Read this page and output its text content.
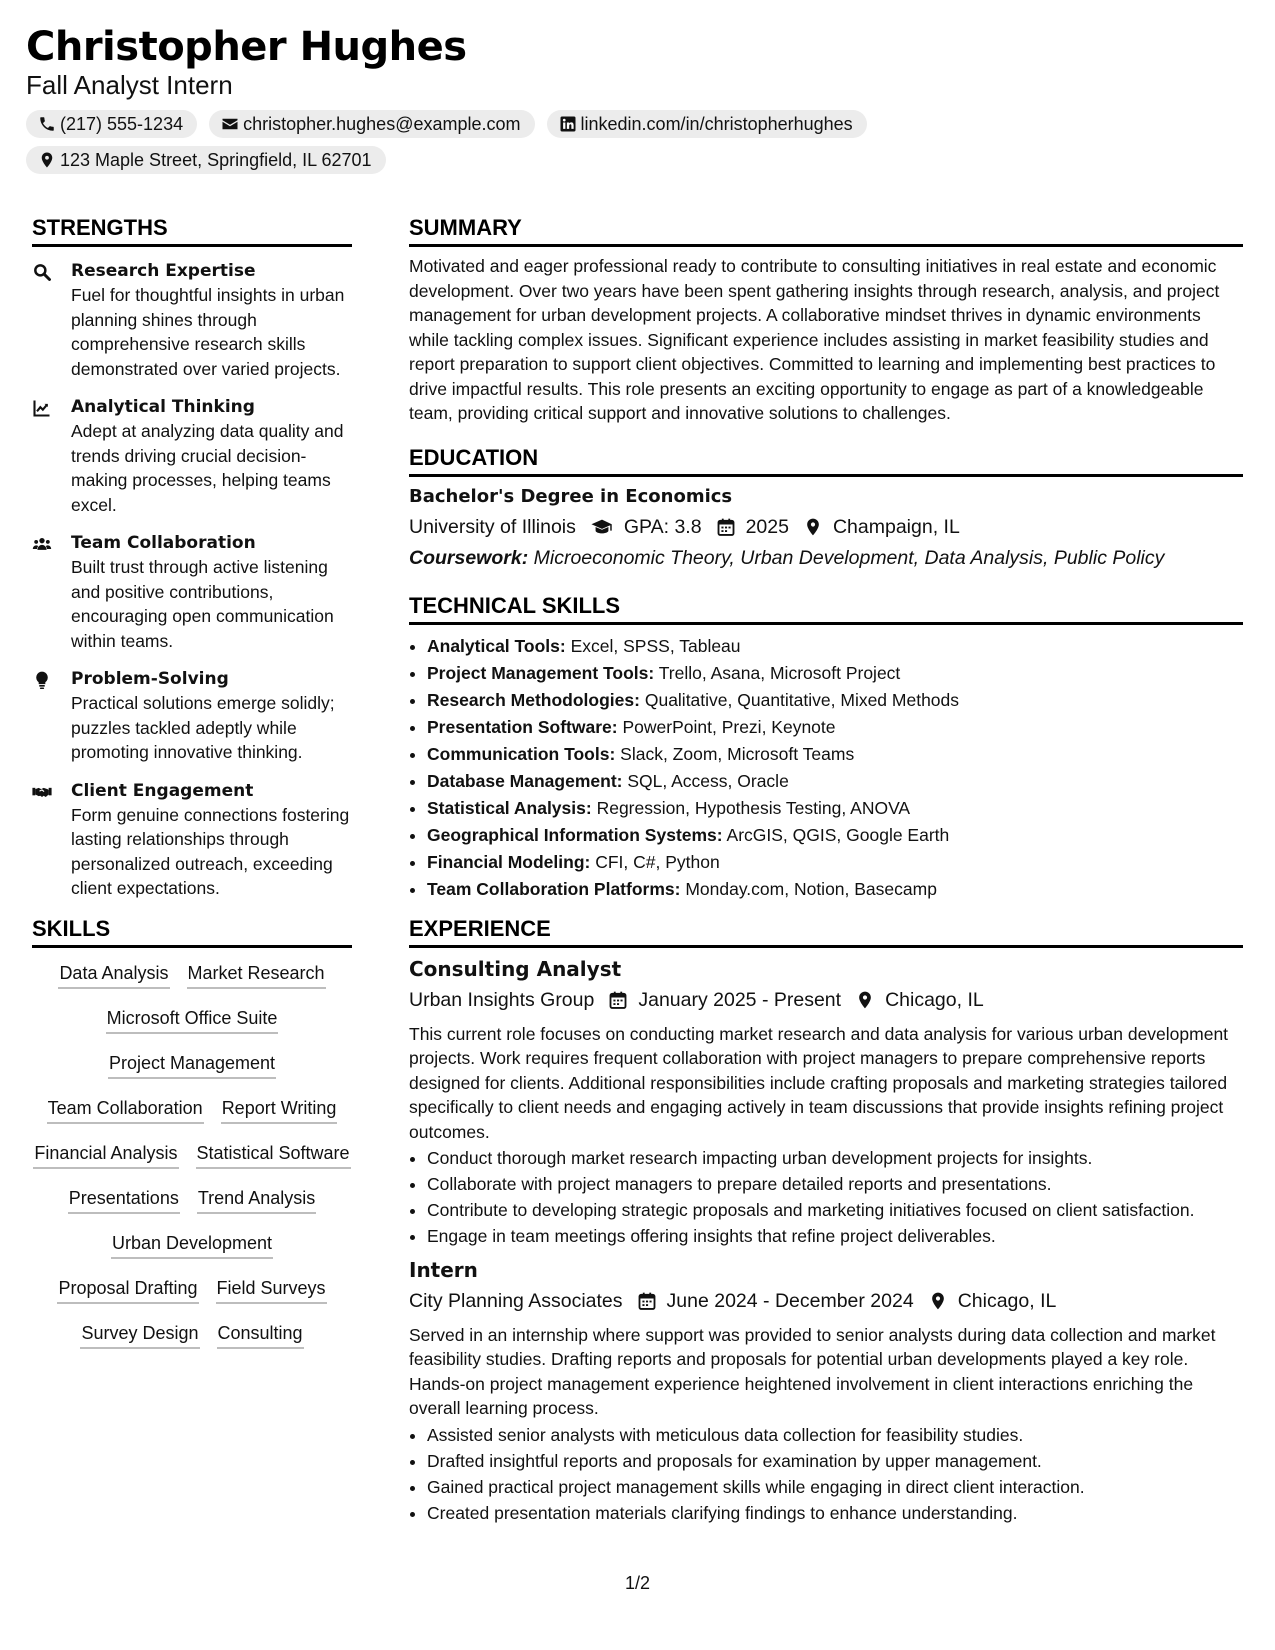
Christopher Hughes
Fall Analyst Intern
(217) 555-1234	christopher.hughes@example.com	linkedin.com/in/christopherhughes
123 Maple Street, Springfield, IL 62701
STRENGTHS
Research Expertise
Fuel for thoughtful insights in urban planning shines through comprehensive research skills demonstrated over varied projects.
Analytical Thinking
Adept at analyzing data quality and trends driving crucial decision-making processes, helping teams excel.
Team Collaboration
Built trust through active listening and positive contributions, encouraging open communication within teams.
Problem-Solving
Practical solutions emerge solidly; puzzles tackled adeptly while promoting innovative thinking.
Client Engagement
Form genuine connections fostering lasting relationships through personalized outreach, exceeding client expectations.
SKILLS
Data Analysis Market Research
Microsoft Office Suite
Project Management
Team Collaboration Report Writing
Financial Analysis Statistical Software
Presentations Trend Analysis
Urban Development
Proposal Drafting Field Surveys
Survey Design Consulting
SUMMARY
Motivated and eager professional ready to contribute to consulting initiatives in real estate and economic development. Over two years have been spent gathering insights through research, analysis, and project management for urban development projects. A collaborative mindset thrives in dynamic environments while tackling complex issues. Significant experience includes assisting in market feasibility studies and report preparation to support client objectives. Committed to learning and implementing best practices to drive impactful results. This role presents an exciting opportunity to engage as part of a knowledgeable team, providing critical support and innovative solutions to challenges.
EDUCATION
Bachelor's Degree in Economics
University of Illinois GPA: 3.8 2025 Champaign, IL
Coursework: Microeconomic Theory, Urban Development, Data Analysis, Public Policy
TECHNICAL SKILLS
• Analytical Tools: Excel, SPSS, Tableau
• Project Management Tools: Trello, Asana, Microsoft Project
• Research Methodologies: Qualitative, Quantitative, Mixed Methods
• Presentation Software: PowerPoint, Prezi, Keynote
• Communication Tools: Slack, Zoom, Microsoft Teams
• Database Management: SQL, Access, Oracle
• Statistical Analysis: Regression, Hypothesis Testing, ANOVA
• Geographical Information Systems: ArcGIS, QGIS, Google Earth
• Financial Modeling: CFI, C#, Python
• Team Collaboration Platforms: Monday.com, Notion, Basecamp
EXPERIENCE
Consulting Analyst
Urban Insights Group January 2025 - Present Chicago, IL
This current role focuses on conducting market research and data analysis for various urban development projects. Work requires frequent collaboration with project managers to prepare comprehensive reports designed for clients. Additional responsibilities include crafting proposals and marketing strategies tailored specifically to client needs and engaging actively in team discussions that provide insights refining project outcomes.
• Conduct thorough market research impacting urban development projects for insights.
• Collaborate with project managers to prepare detailed reports and presentations.
• Contribute to developing strategic proposals and marketing initiatives focused on client satisfaction.
• Engage in team meetings offering insights that refine project deliverables.
Intern
City Planning Associates June 2024 - December 2024 Chicago, IL
Served in an internship where support was provided to senior analysts during data collection and market feasibility studies. Drafting reports and proposals for potential urban developments played a key role. Hands-on project management experience heightened involvement in client interactions enriching the overall learning process.
• Assisted senior analysts with meticulous data collection for feasibility studies.
• Drafted insightful reports and proposals for examination by upper management.
• Gained practical project management skills while engaging in direct client interaction.
• Created presentation materials clarifying findings to enhance understanding.
1/2
